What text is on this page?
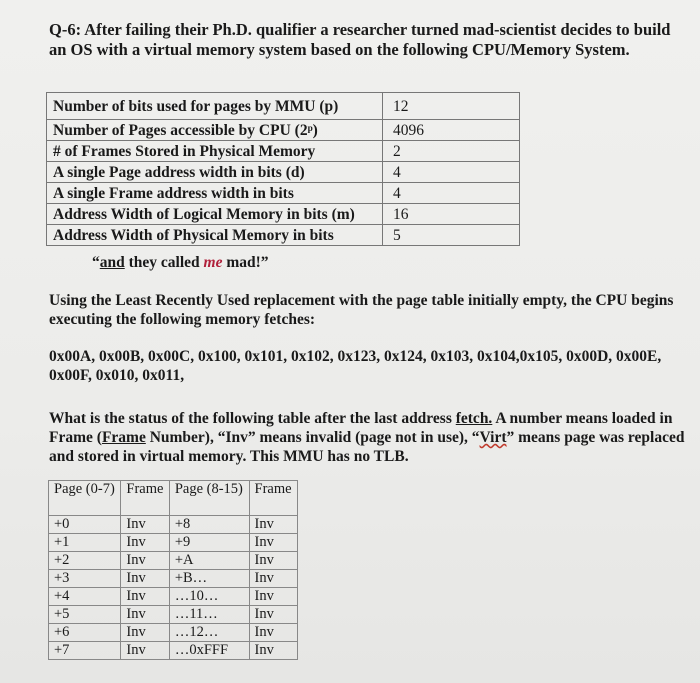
Q-6: After failing their Ph.D. qualifier a researcher turned mad-scientist decides to build an OS with a virtual memory system based on the following CPU/Memory System.
Number of bits used for pages by MMU (p)	12
Number of Pages accessible by CPU (2ᵖ)	4096
# of Frames Stored in Physical Memory	2
A single Page address width in bits (d)	4
A single Frame address width in bits	4
Address Width of Logical Memory in bits (m)	16
Address Width of Physical Memory in bits	5
“and they called me mad!”
Using the Least Recently Used replacement with the page table initially empty, the CPU begins executing the following memory fetches:
0x00A, 0x00B, 0x00C, 0x100, 0x101, 0x102, 0x123, 0x124, 0x103, 0x104,0x105, 0x00D, 0x00E, 0x00F, 0x010, 0x011,
What is the status of the following table after the last address fetch. A number means loaded in Frame (Frame Number), “Inv” means invalid (page not in use), “Virt” means page was replaced and stored in virtual memory. This MMU has no TLB.
Page (0-7)	Frame	Page (8-15)	Frame
+0	Inv	+8	Inv
+1	Inv	+9	Inv
+2	Inv	+A	Inv
+3	Inv	+B…	Inv
+4	Inv	…10…	Inv
+5	Inv	…11…	Inv
+6	Inv	…12…	Inv
+7	Inv	…0xFFF	Inv
